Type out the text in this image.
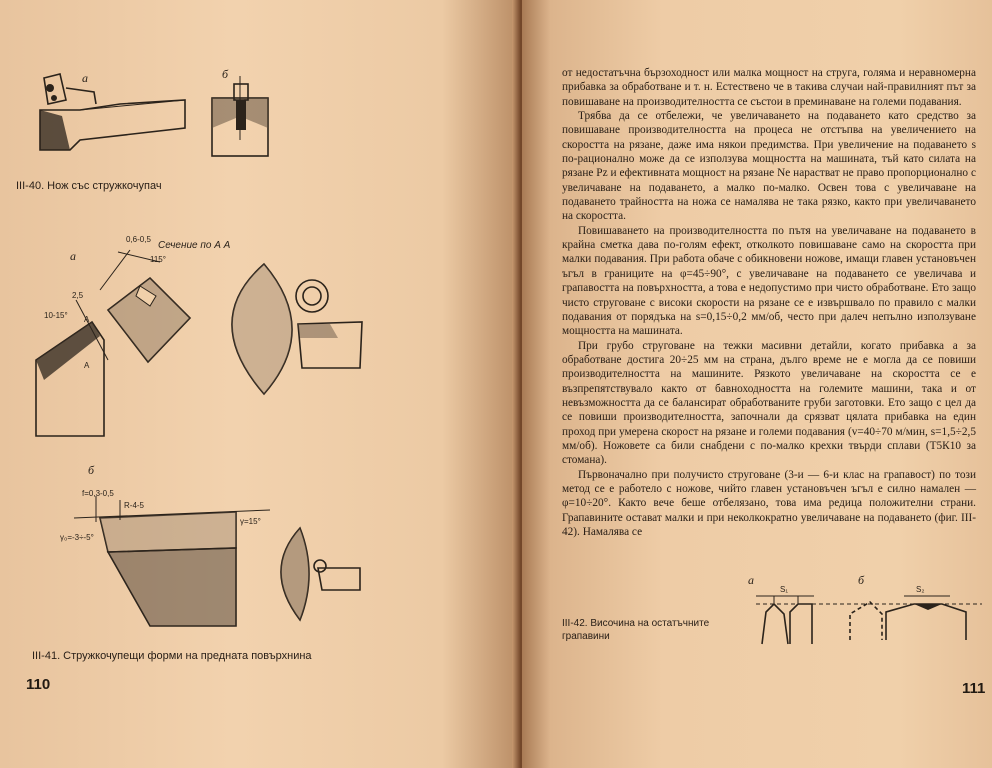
а	б
III-40. Нож със стружкочупач
а
Сечение по А А
0,6-0,5
115°
2,5
10-15° А
А
б
f=0,3-0,5
R-4-5
γ=15°
γ₀=-3÷-5°
III-41. Стружкочупещи форми на предната повърхнина
110

от недостатъчна бързоходност или малка мощност на струга, голяма и неравномерна прибавка за обработване и т. н. Естествено че в такива случаи най-правилният път за повишаване на производителността се състои в преминаване на големи подавания.

Трябва да се отбележи, че увеличаването на подаването като средство за повишаване производителността на процеса не отстъпва на увеличението на скоростта на рязане, даже има някои предимства. При увеличение на подаването s по-рационално може да се използува мощността на машината, тъй като силата на рязане Pz и ефективната мощност на рязане Ne нарастват не право пропорционално с увеличаване на подаването, а малко по-малко. Освен това с увеличаване на подаването трайността на ножа се намалява не така рязко, както при увеличаването на скоростта.

Повишаването на производителността по пътя на увеличаване на подаването в крайна сметка дава по-голям ефект, отколкото повишаване само на скоростта при малки подавания. При работа обаче с обикновени ножове, имащи главен установъчен ъгъл в границите на φ=45÷90°, с увеличаване на подаването се увеличава и грапавостта на повърхността, а това е недопустимо при чисто обработване. Ето защо чисто струговане с високи скорости на рязане се е извършвало по правило с малки подавания от порядъка на s=0,15÷0,2 мм/об, често при далеч непълно използуване мощността на машината.

При грубо струговане на тежки масивни детайли, когато прибавка а за обработване достига 20÷25 мм на страна, дълго време не е могла да се повиши производителността на машините. Рязкото увеличаване на скоростта се е възпрепятствувало както от бавноходността на големите машини, така и от невъзможността да се балансират обработваните груби заготовки. Ето защо с цел да се повиши производителността, започнали да срязват цялата прибавка на един проход при умерена скорост на рязане и големи подавания (v=40÷70 м/мин, s=1,5÷2,5 мм/об). Ножовете са били снабдени с по-малко крехки твърди сплави (Т5К10 за стомана).

Първоначално при получисто струговане (3-и — 6-и клас на грапавост) по този метод се е работело с ножове, чийто главен установъчен ъгъл е силно намален — φ=10÷20°. Както вече беше отбелязано, това има редица положителни страни. Грапавините остават малки и при неколкократно увеличаване на подаването (фиг. III-42). Намалява се

а	б
S₁	S₂
III-42. Височина на остатъчните
грапавини
111
